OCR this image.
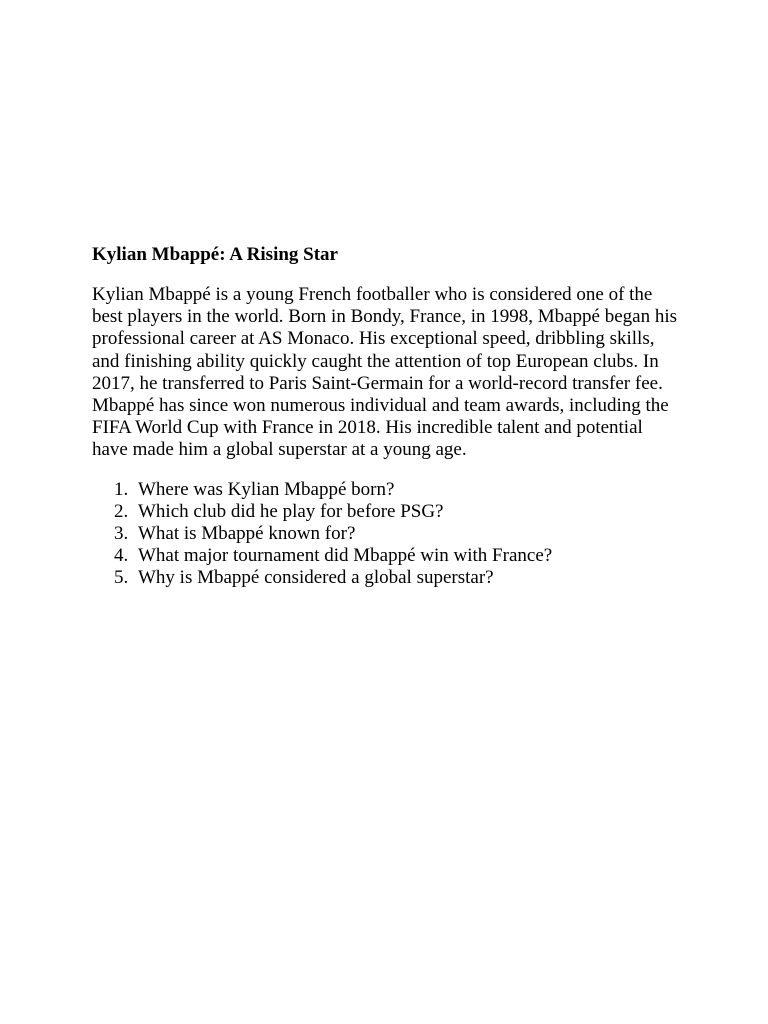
Kylian Mbappé: A Rising Star

Kylian Mbappé is a young French footballer who is considered one of the best players in the world. Born in Bondy, France, in 1998, Mbappé began his professional career at AS Monaco. His exceptional speed, dribbling skills, and finishing ability quickly caught the attention of top European clubs. In 2017, he transferred to Paris Saint-Germain for a world-record transfer fee. Mbappé has since won numerous individual and team awards, including the FIFA World Cup with France in 2018. His incredible talent and potential have made him a global superstar at a young age.

1. Where was Kylian Mbappé born?
2. Which club did he play for before PSG?
3. What is Mbappé known for?
4. What major tournament did Mbappé win with France?
5. Why is Mbappé considered a global superstar?
